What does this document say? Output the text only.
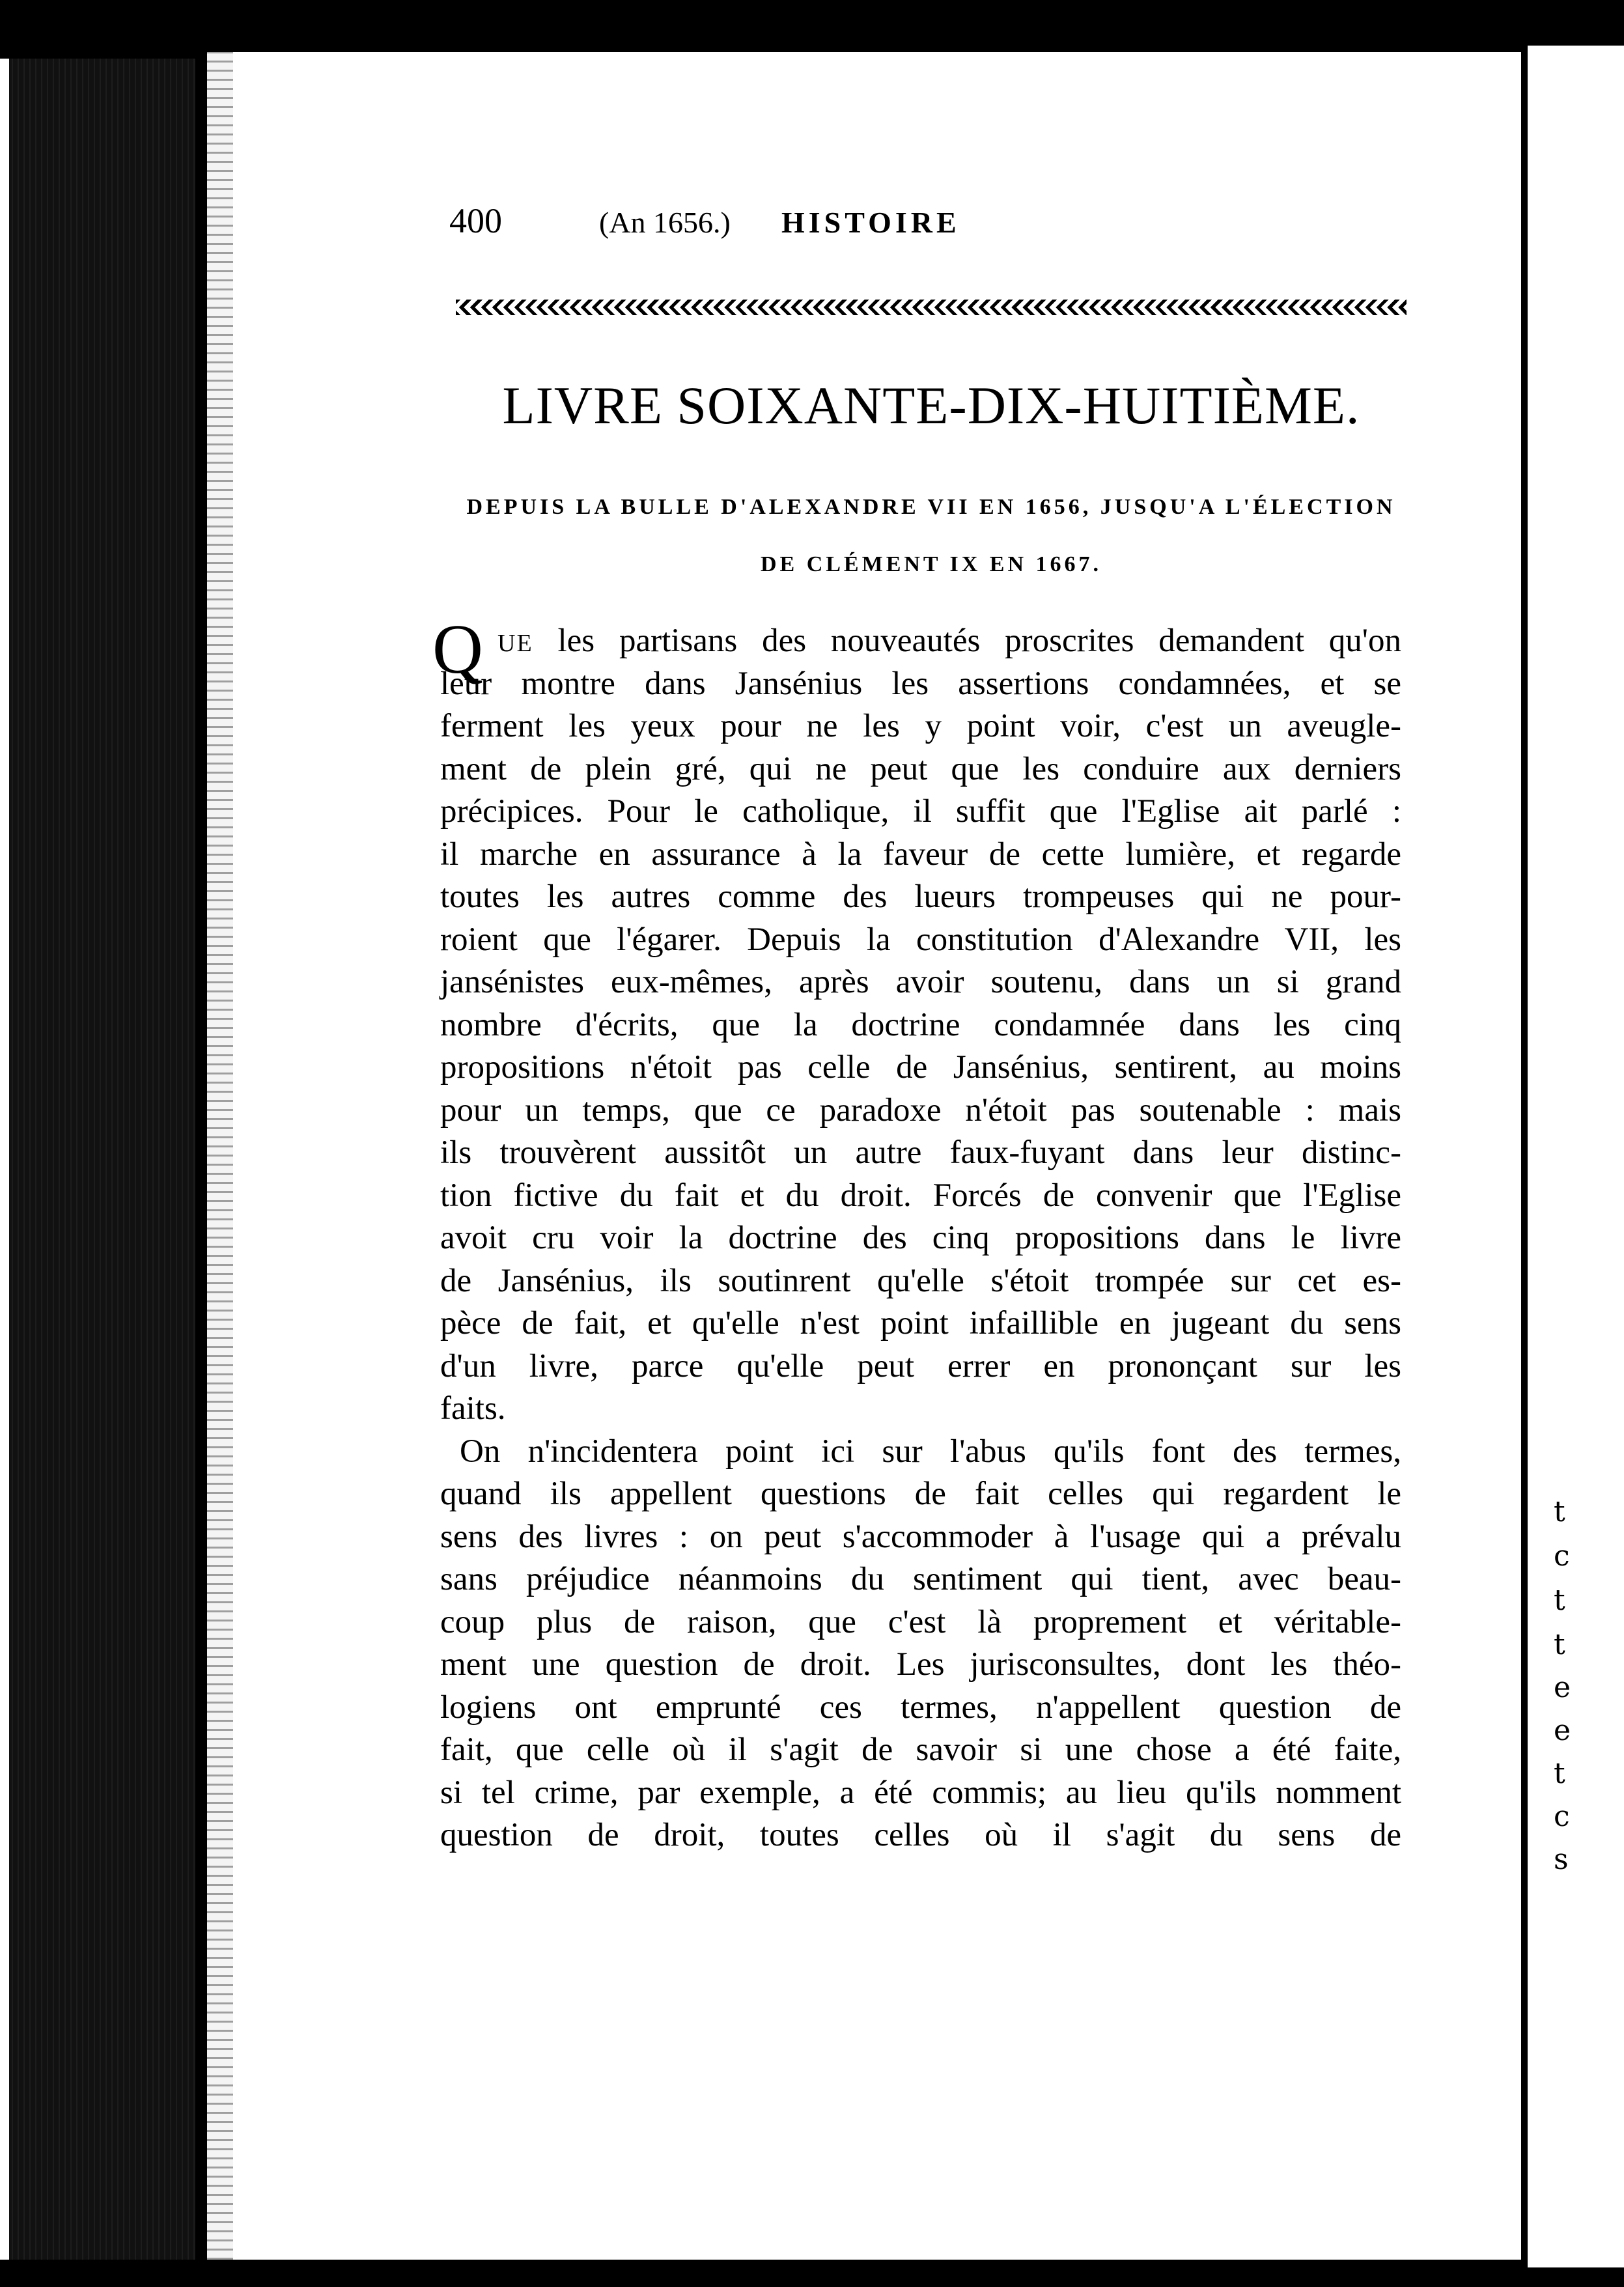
t
c
t
t
e
e
t
c
s
400	(An 1656.)	HISTOIRE
LIVRE SOIXANTE-DIX-HUITIÈME.
DEPUIS LA BULLE D'ALEXANDRE VII EN 1656, JUSQU'A L'ÉLECTION
DE CLÉMENT IX EN 1667.
Q UE les partisans des nouveautés proscrites demandent qu'on
leur montre dans Jansénius les assertions condamnées, et se
ferment les yeux pour ne les y point voir, c'est un aveugle-
ment de plein gré, qui ne peut que les conduire aux derniers
précipices. Pour le catholique, il suffit que l'Eglise ait parlé :
il marche en assurance à la faveur de cette lumière, et regarde
toutes les autres comme des lueurs trompeuses qui ne pour-
roient que l'égarer. Depuis la constitution d'Alexandre VII, les
jansénistes eux-mêmes, après avoir soutenu, dans un si grand
nombre d'écrits, que la doctrine condamnée dans les cinq
propositions n'étoit pas celle de Jansénius, sentirent, au moins
pour un temps, que ce paradoxe n'étoit pas soutenable : mais
ils trouvèrent aussitôt un autre faux-fuyant dans leur distinc-
tion fictive du fait et du droit. Forcés de convenir que l'Eglise
avoit cru voir la doctrine des cinq propositions dans le livre
de Jansénius, ils soutinrent qu'elle s'étoit trompée sur cet es-
pèce de fait, et qu'elle n'est point infaillible en jugeant du sens
d'un livre, parce qu'elle peut errer en prononçant sur les
faits.
On n'incidentera point ici sur l'abus qu'ils font des termes,
quand ils appellent questions de fait celles qui regardent le
sens des livres : on peut s'accommoder à l'usage qui a prévalu
sans préjudice néanmoins du sentiment qui tient, avec beau-
coup plus de raison, que c'est là proprement et véritable-
ment une question de droit. Les jurisconsultes, dont les théo-
logiens ont emprunté ces termes, n'appellent question de
fait, que celle où il s'agit de savoir si une chose a été faite,
si tel crime, par exemple, a été commis; au lieu qu'ils nomment
question de droit, toutes celles où il s'agit du sens de
